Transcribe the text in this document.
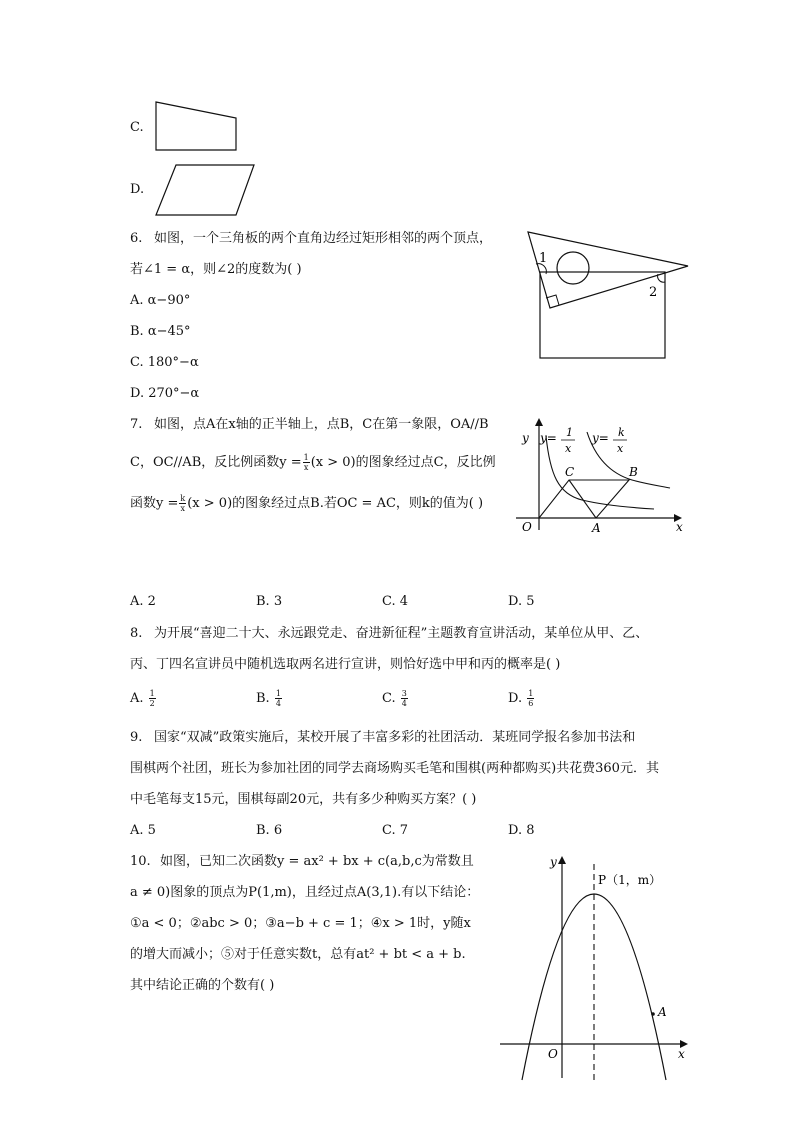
C.
D.
6. 如图，一个三角板的两个直角边经过矩形相邻的两个顶点，
若∠1 = α，则∠2的度数为( )
A. α−90°
B. α−45°
C. 180°−α
D. 270°−α
1
2
7. 如图，点A在x轴的正半轴上，点B，C在第一象限，OA//B
C，OC//AB，反比例函数$y = \frac{1}{x} (x > 0)$的图象经过点C，反比例
函数$y = \frac{k}{x} (x > 0)$的图象经过点B.若OC = AC，则k的值为( )
y
x
O
C	B
A
y= 1
x
y= k
x
A. 2	B. 3	C. 4	D. 5
8. 为开展“喜迎二十大、永远跟党走、奋进新征程”主题教育宣讲活动，某单位从甲、乙、
丙、丁四名宣讲员中随机选取两名进行宣讲，则恰好选中甲和丙的概率是( )
A. $\frac{1}{2}$	B. $\frac{1}{4}$	C. $\frac{3}{4}$	D. $\frac{1}{6}$
9. 国家“双减”政策实施后，某校开展了丰富多彩的社团活动．某班同学报名参加书法和
围棋两个社团，班长为参加社团的同学去商场购买毛笔和围棋(两种都购买)共花费360元．其
中毛笔每支15元，围棋每副20元，共有多少种购买方案？( )
A. 5	B. 6	C. 7	D. 8
10. 如图，已知二次函数y = ax² + bx + c(a,b,c为常数且
a ≠ 0)图象的顶点为P(1,m)，且经过点A(3,1).有以下结论：
①a < 0；②abc > 0；③a−b + c = 1；④x > 1时，y随x
的增大而减小；⑤对于任意实数t，总有at² + bt < a + b.
其中结论正确的个数有( )
y
x
O
A
P（1，m）
